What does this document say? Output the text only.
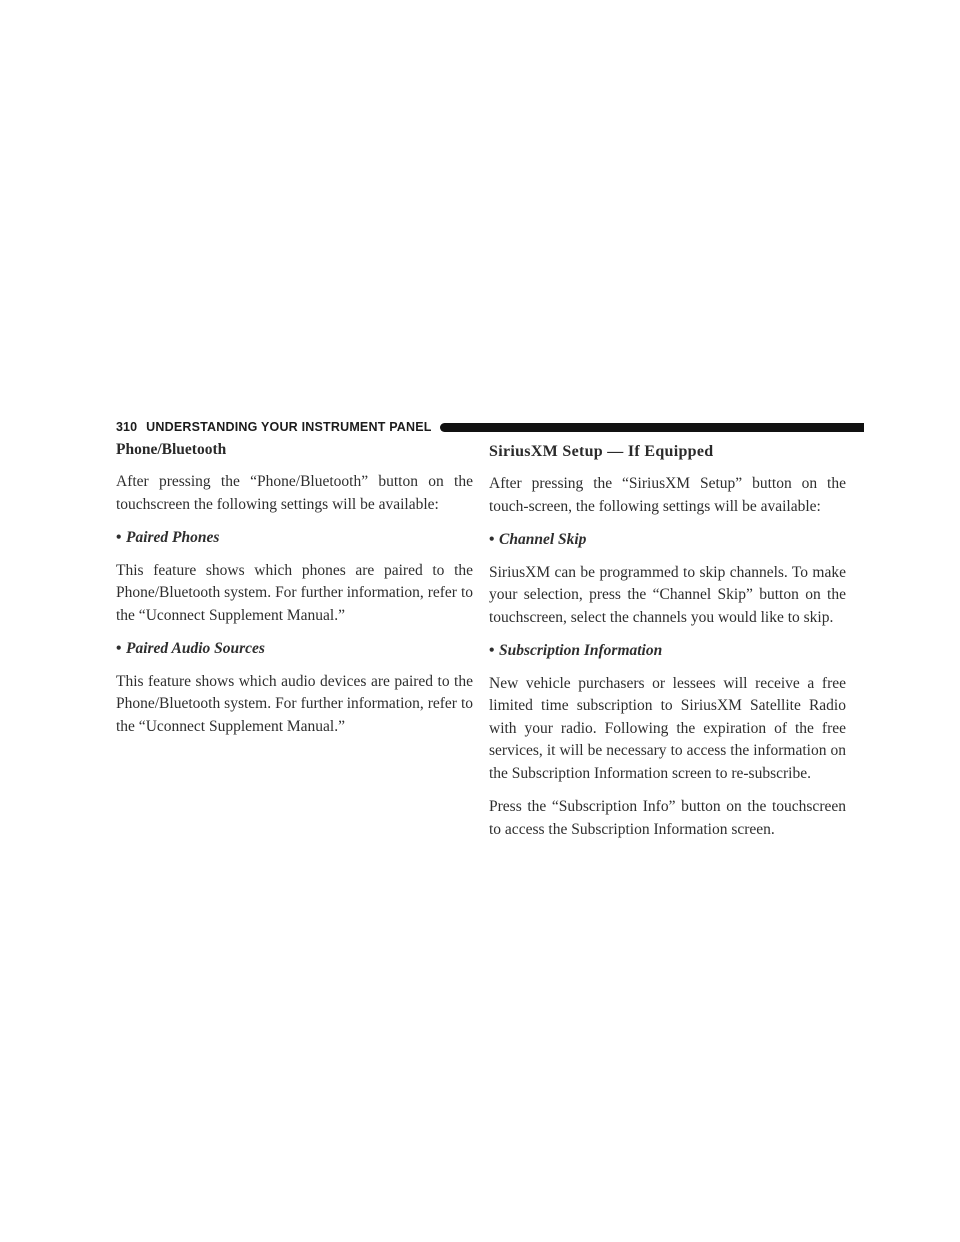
310 UNDERSTANDING YOUR INSTRUMENT PANEL
Phone/Bluetooth

After pressing the “Phone/Bluetooth” button on the touchscreen the following settings will be available:

• Paired Phones

This feature shows which phones are paired to the Phone/Bluetooth system. For further information, refer to the “Uconnect Supplement Manual.”

• Paired Audio Sources

This feature shows which audio devices are paired to the Phone/Bluetooth system. For further information, refer to the “Uconnect Supplement Manual.”

SiriusXM Setup — If Equipped

After pressing the “SiriusXM Setup” button on the touch-screen, the following settings will be available:

• Channel Skip

SiriusXM can be programmed to skip channels. To make your selection, press the “Channel Skip” button on the touchscreen, select the channels you would like to skip.

• Subscription Information

New vehicle purchasers or lessees will receive a free limited time subscription to SiriusXM Satellite Radio with your radio. Following the expiration of the free services, it will be necessary to access the information on the Subscription Information screen to re-subscribe.

Press the “Subscription Info” button on the touchscreen to access the Subscription Information screen.
